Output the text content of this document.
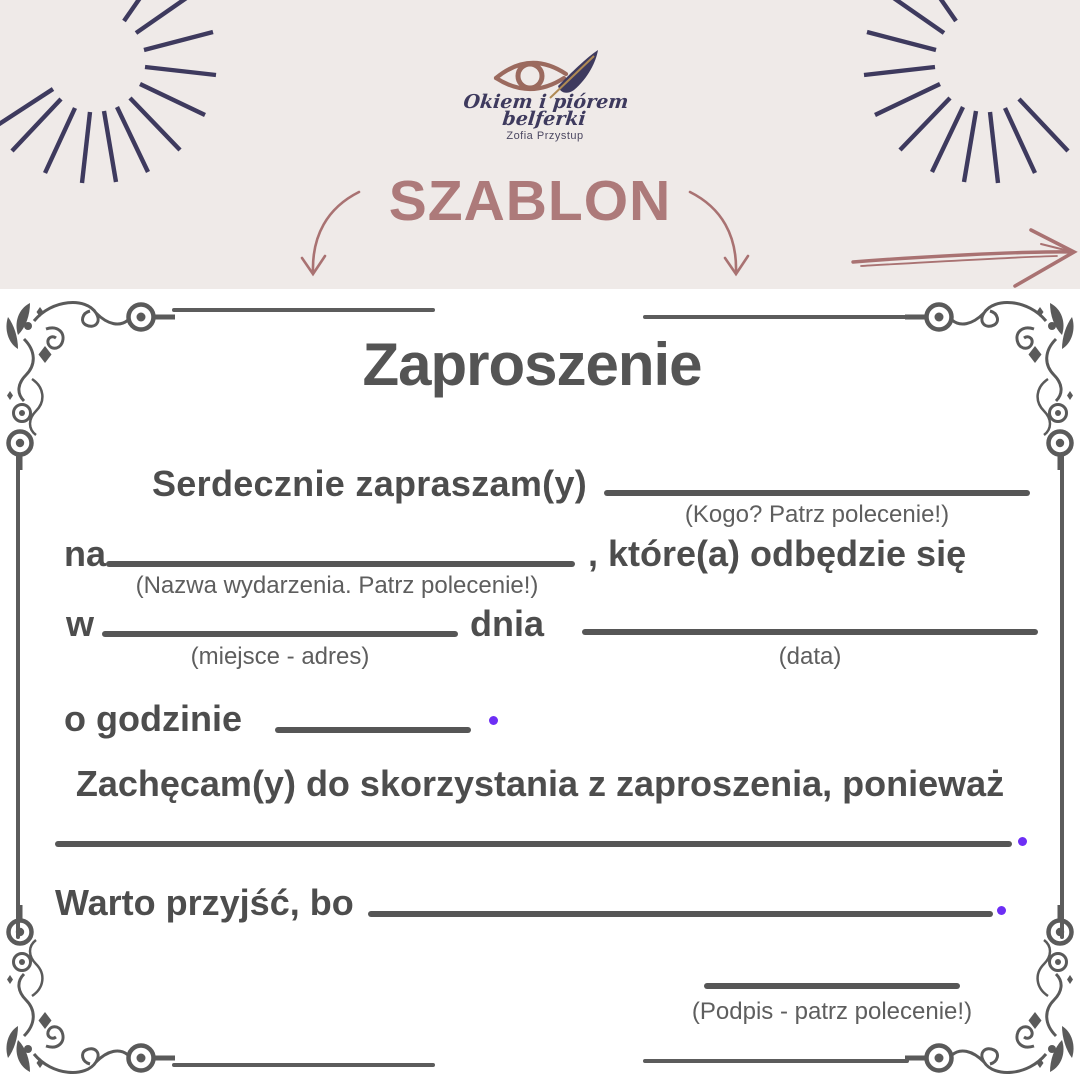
Okiem i piórem
belferki
Zofia Przystup
SZABLON
Zaproszenie
Serdecznie zapraszam(y)
(Kogo? Patrz polecenie!)
na	, które(a) odbędzie się
(Nazwa wydarzenia. Patrz polecenie!)
w	dnia
(miejsce - adres)	(data)
o godzinie
Zachęcam(y) do skorzystania z zaproszenia, ponieważ
Warto przyjść, bo
(Podpis - patrz polecenie!)
